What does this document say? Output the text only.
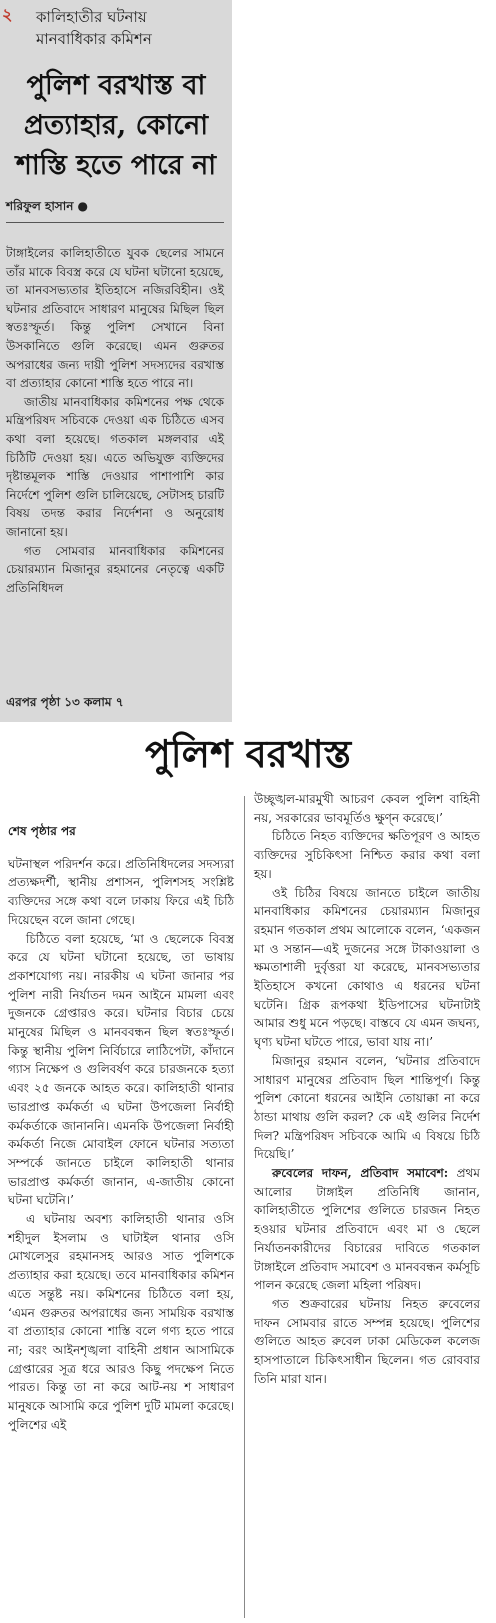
২ কালিহাতীর ঘটনায়
মানবাধিকার কমিশন
পুলিশ বরখাস্ত বা
প্রত্যাহার, কোনো
শাস্তি হতে পারে না
শরিফুল হাসান ●

টাঙ্গাইলের কালিহাতীতে যুবক ছেলের সামনে তাঁর মাকে বিবস্ত্র করে যে ঘটনা ঘটানো হয়েছে, তা মানবসভ্যতার ইতিহাসে নজিরবিহীন। ওই ঘটনার প্রতিবাদে সাধারণ মানুষের মিছিল ছিল স্বতঃস্ফূর্ত। কিন্তু পুলিশ সেখানে বিনা উসকানিতে গুলি করেছে। এমন গুরুতর অপরাধের জন্য দায়ী পুলিশ সদস্যদের বরখাস্ত বা প্রত্যাহার কোনো শাস্তি হতে পারে না।

জাতীয় মানবাধিকার কমিশনের পক্ষ থেকে মন্ত্রিপরিষদ সচিবকে দেওয়া এক চিঠিতে এসব কথা বলা হয়েছে। গতকাল মঙ্গলবার এই চিঠিটি দেওয়া হয়। এতে অভিযুক্ত ব্যক্তিদের দৃষ্টান্তমূলক শাস্তি দেওয়ার পাশাপাশি কার নির্দেশে পুলিশ গুলি চালিয়েছে, সেটাসহ চারটি বিষয় তদন্ত করার নির্দেশনা ও অনুরোধ জানানো হয়।

গত সোমবার মানবাধিকার কমিশনের চেয়ারম্যান মিজানুর রহমানের নেতৃত্বে একটি প্রতিনিধিদল

এরপর পৃষ্ঠা ১৩ কলাম ৭
পুলিশ বরখাস্ত
শেষ পৃষ্ঠার পর

ঘটনাস্থল পরিদর্শন করে। প্রতিনিধিদলের সদস্যরা প্রত্যক্ষদর্শী, স্থানীয় প্রশাসন, পুলিশসহ সংশ্লিষ্ট ব্যক্তিদের সঙ্গে কথা বলে ঢাকায় ফিরে এই চিঠি দিয়েছেন বলে জানা গেছে।

চিঠিতে বলা হয়েছে, ‘মা ও ছেলেকে বিবস্ত্র করে যে ঘটনা ঘটানো হয়েছে, তা ভাষায় প্রকাশযোগ্য নয়। নারকীয় এ ঘটনা জানার পর পুলিশ নারী নির্যাতন দমন আইনে মামলা এবং দুজনকে গ্রেপ্তারও করে। ঘটনার বিচার চেয়ে মানুষের মিছিল ও মানববন্ধন ছিল স্বতঃস্ফূর্ত। কিন্তু স্থানীয় পুলিশ নির্বিচারে লাঠিপেটা, কাঁদানে গ্যাস নিক্ষেপ ও গুলিবর্ষণ করে চারজনকে হত্যা এবং ২৫ জনকে আহত করে। কালিহাতী থানার ভারপ্রাপ্ত কর্মকর্তা এ ঘটনা উপজেলা নির্বাহী কর্মকর্তাকে জানাননি। এমনকি উপজেলা নির্বাহী কর্মকর্তা নিজে মোবাইল ফোনে ঘটনার সত্যতা সম্পর্কে জানতে চাইলে কালিহাতী থানার ভারপ্রাপ্ত কর্মকর্তা জানান, এ-জাতীয় কোনো ঘটনা ঘটেনি।’

এ ঘটনায় অবশ্য কালিহাতী থানার ওসি শহীদুল ইসলাম ও ঘাটাইল থানার ওসি মোখলেসুর রহমানসহ আরও সাত পুলিশকে প্রত্যাহার করা হয়েছে। তবে মানবাধিকার কমিশন এতে সন্তুষ্ট নয়। কমিশনের চিঠিতে বলা হয়, ‘এমন গুরুতর অপরাধের জন্য সাময়িক বরখাস্ত বা প্রত্যাহার কোনো শাস্তি বলে গণ্য হতে পারে না; বরং আইনশৃঙ্খলা বাহিনী প্রধান আসামিকে গ্রেপ্তারের সূত্র ধরে আরও কিছু পদক্ষেপ নিতে পারত। কিন্তু তা না করে আট-নয় শ সাধারণ মানুষকে আসামি করে পুলিশ দুটি মামলা করেছে। পুলিশের এই

উচ্ছৃঙ্খল-মারমুখী আচরণ কেবল পুলিশ বাহিনী নয়, সরকারের ভাবমূর্তিও ক্ষুণ্ন করেছে।’

চিঠিতে নিহত ব্যক্তিদের ক্ষতিপূরণ ও আহত ব্যক্তিদের সুচিকিৎসা নিশ্চিত করার কথা বলা হয়।

ওই চিঠির বিষয়ে জানতে চাইলে জাতীয় মানবাধিকার কমিশনের চেয়ারম্যান মিজানুর রহমান গতকাল প্রথম আলোকে বলেন, ‘একজন মা ও সন্তান—এই দুজনের সঙ্গে টাকাওয়ালা ও ক্ষমতাশালী দুর্বৃত্তরা যা করেছে, মানবসভ্যতার ইতিহাসে কখনো কোথাও এ ধরনের ঘটনা ঘটেনি। গ্রিক রূপকথা ইডিপাসের ঘটনাটাই আমার শুধু মনে পড়ছে। বাস্তবে যে এমন জঘন্য, ঘৃণ্য ঘটনা ঘটতে পারে, ভাবা যায় না।’

মিজানুর রহমান বলেন, ‘ঘটনার প্রতিবাদে সাধারণ মানুষের প্রতিবাদ ছিল শান্তিপূর্ণ। কিন্তু পুলিশ কোনো ধরনের আইনি তোয়াক্কা না করে ঠান্ডা মাথায় গুলি করল? কে এই গুলির নির্দেশ দিল? মন্ত্রিপরিষদ সচিবকে আমি এ বিষয়ে চিঠি দিয়েছি।’

রুবেলের দাফন, প্রতিবাদ সমাবেশ: প্রথম আলোর টাঙ্গাইল প্রতিনিধি জানান, কালিহাতীতে পুলিশের গুলিতে চারজন নিহত হওয়ার ঘটনার প্রতিবাদে এবং মা ও ছেলে নির্যাতনকারীদের বিচারের দাবিতে গতকাল টাঙ্গাইলে প্রতিবাদ সমাবেশ ও মানববন্ধন কর্মসূচি পালন করেছে জেলা মহিলা পরিষদ।

গত শুক্রবারের ঘটনায় নিহত রুবেলের দাফন সোমবার রাতে সম্পন্ন হয়েছে। পুলিশের গুলিতে আহত রুবেল ঢাকা মেডিকেল কলেজ হাসপাতালে চিকিৎসাধীন ছিলেন। গত রোববার তিনি মারা যান।
